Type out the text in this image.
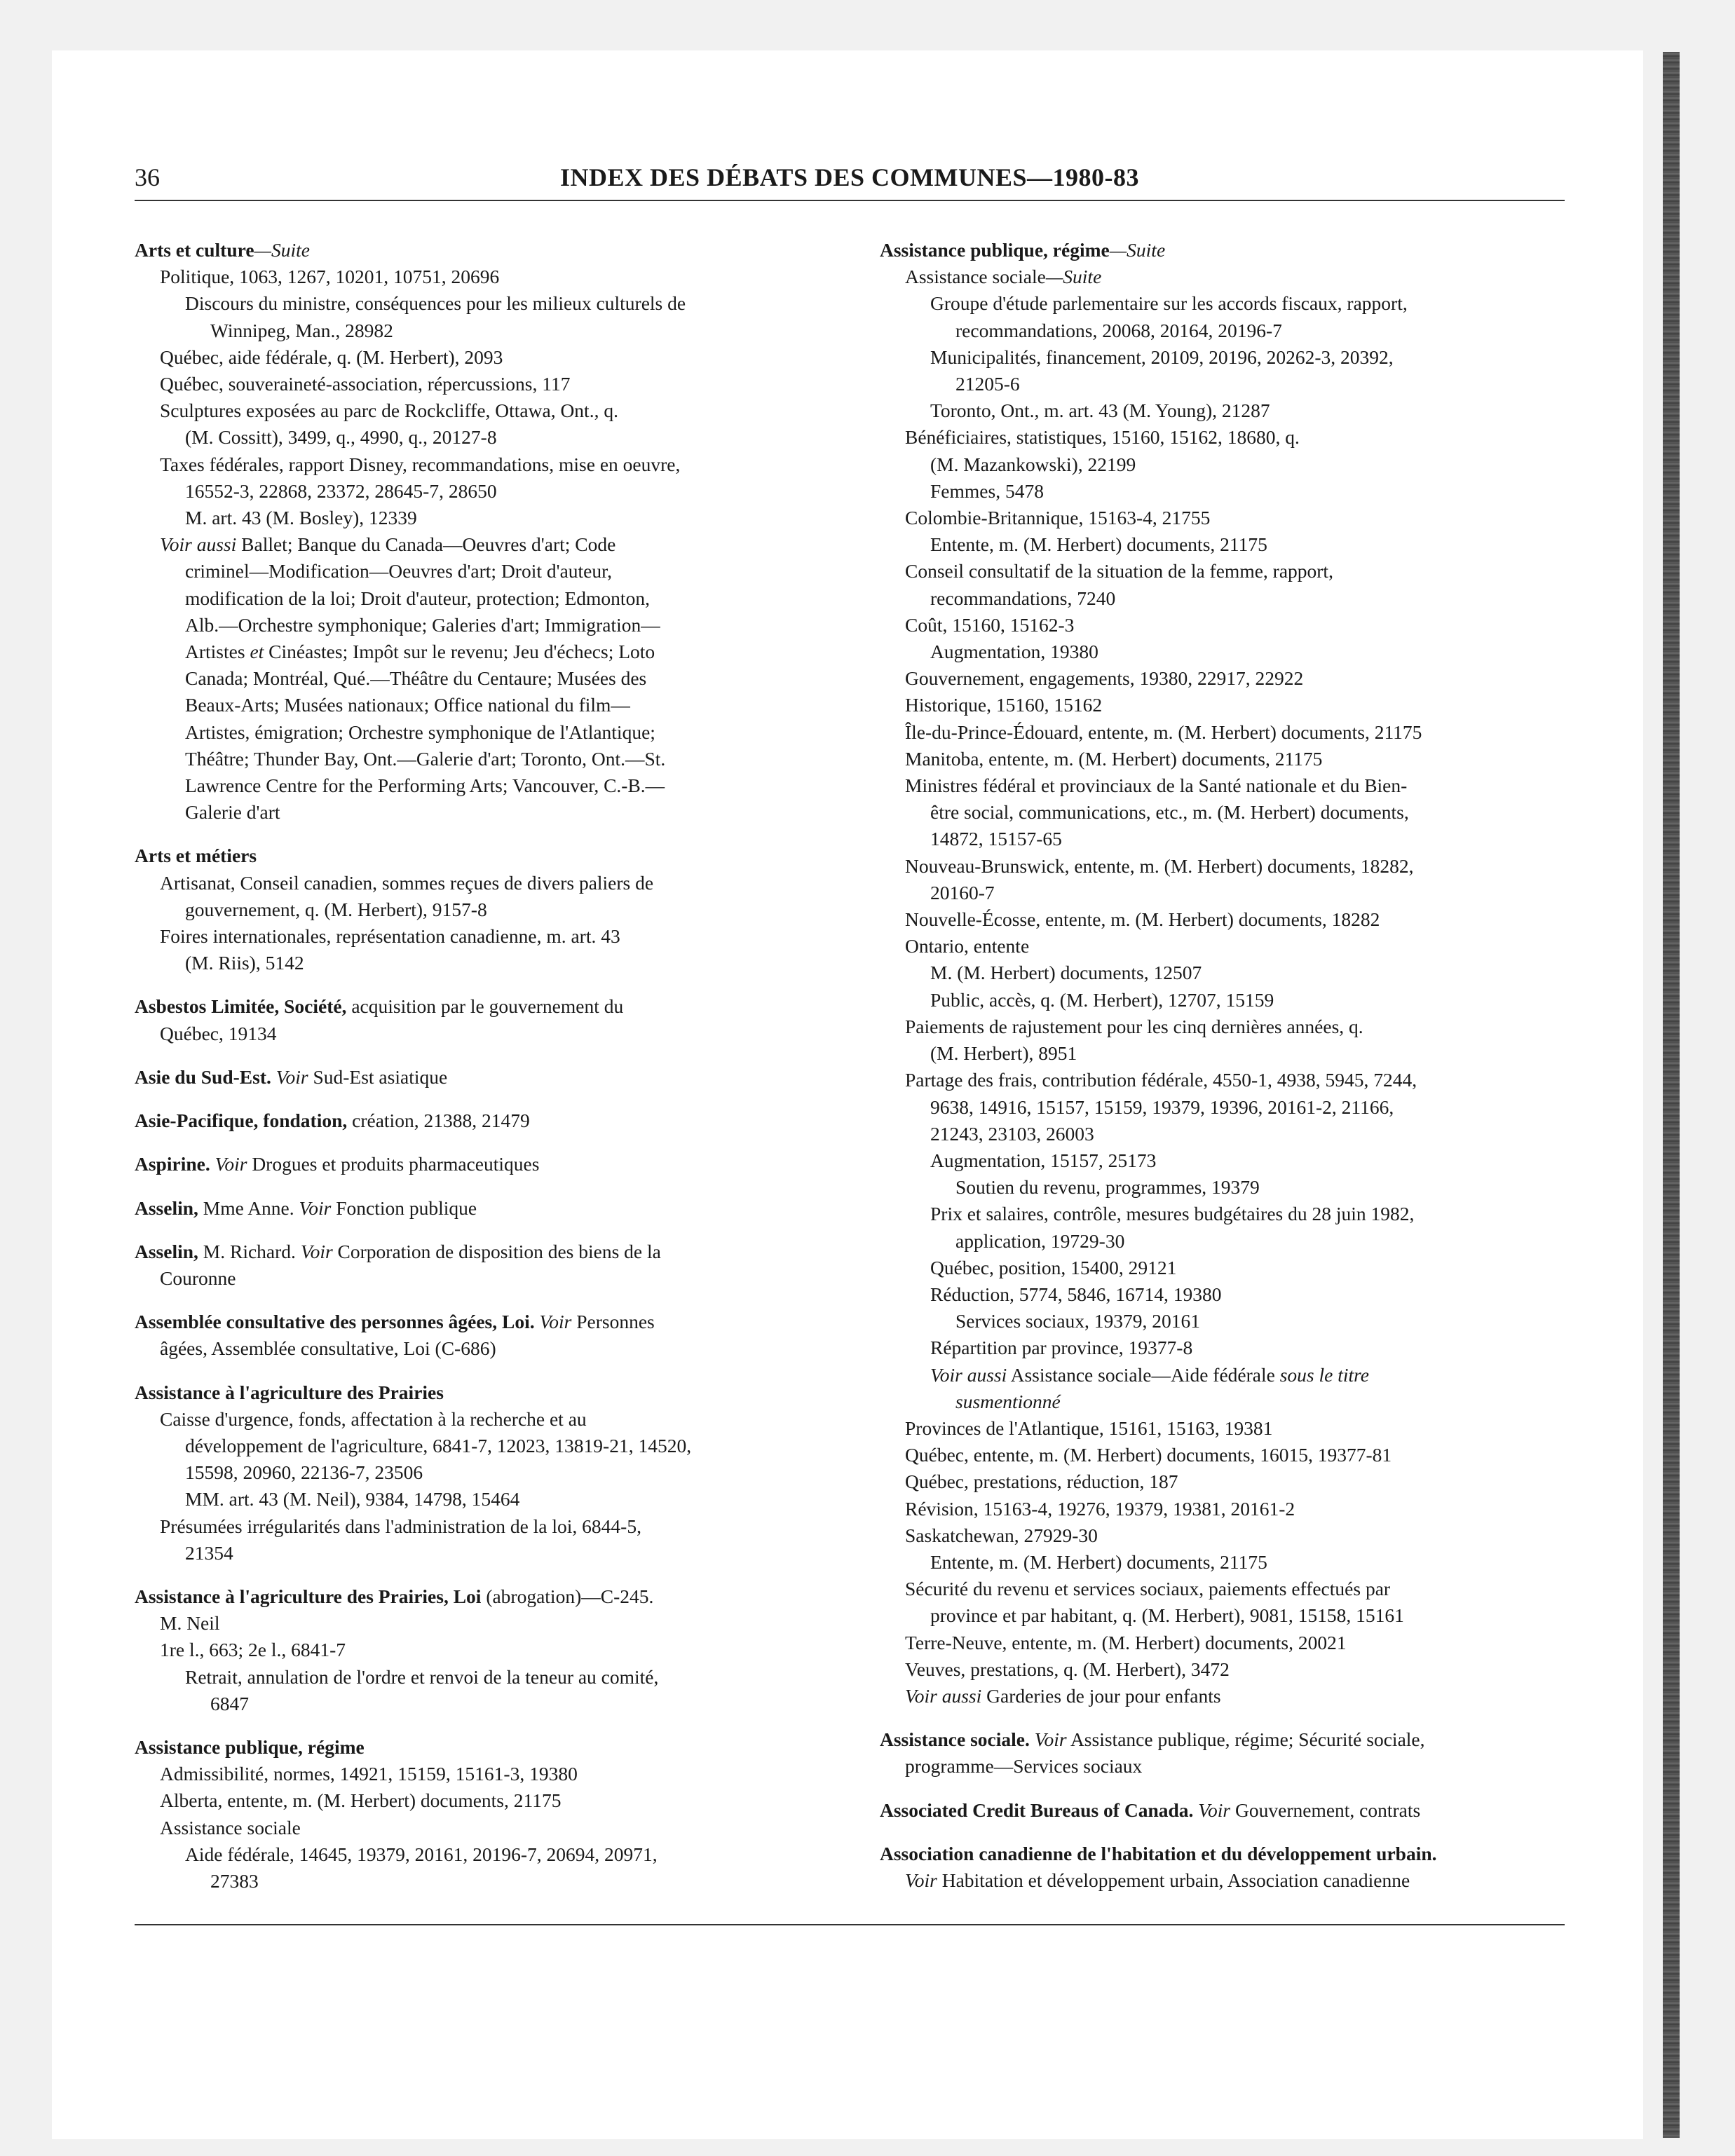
36	INDEX DES DÉBATS DES COMMUNES—1980-83
Arts et culture—Suite
Politique, 1063, 1267, 10201, 10751, 20696
Discours du ministre, conséquences pour les milieux culturels de
Winnipeg, Man., 28982
Québec, aide fédérale, q. (M. Herbert), 2093
Québec, souveraineté-association, répercussions, 117
Sculptures exposées au parc de Rockcliffe, Ottawa, Ont., q.
(M. Cossitt), 3499, q., 4990, q., 20127-8
Taxes fédérales, rapport Disney, recommandations, mise en oeuvre,
16552-3, 22868, 23372, 28645-7, 28650
M. art. 43 (M. Bosley), 12339
Voir aussi Ballet; Banque du Canada—Oeuvres d'art; Code
criminel—Modification—Oeuvres d'art; Droit d'auteur,
modification de la loi; Droit d'auteur, protection; Edmonton,
Alb.—Orchestre symphonique; Galeries d'art; Immigration—
Artistes et Cinéastes; Impôt sur le revenu; Jeu d'échecs; Loto
Canada; Montréal, Qué.—Théâtre du Centaure; Musées des
Beaux-Arts; Musées nationaux; Office national du film—
Artistes, émigration; Orchestre symphonique de l'Atlantique;
Théâtre; Thunder Bay, Ont.—Galerie d'art; Toronto, Ont.—St.
Lawrence Centre for the Performing Arts; Vancouver, C.-B.—
Galerie d'art
Arts et métiers
Artisanat, Conseil canadien, sommes reçues de divers paliers de
gouvernement, q. (M. Herbert), 9157-8
Foires internationales, représentation canadienne, m. art. 43
(M. Riis), 5142
Asbestos Limitée, Société, acquisition par le gouvernement du
Québec, 19134
Asie du Sud-Est. Voir Sud-Est asiatique
Asie-Pacifique, fondation, création, 21388, 21479
Aspirine. Voir Drogues et produits pharmaceutiques
Asselin, Mme Anne. Voir Fonction publique
Asselin, M. Richard. Voir Corporation de disposition des biens de la
Couronne
Assemblée consultative des personnes âgées, Loi. Voir Personnes
âgées, Assemblée consultative, Loi (C-686)
Assistance à l'agriculture des Prairies
Caisse d'urgence, fonds, affectation à la recherche et au
développement de l'agriculture, 6841-7, 12023, 13819-21, 14520,
15598, 20960, 22136-7, 23506
MM. art. 43 (M. Neil), 9384, 14798, 15464
Présumées irrégularités dans l'administration de la loi, 6844-5,
21354
Assistance à l'agriculture des Prairies, Loi (abrogation)—C-245.
M. Neil
1re l., 663; 2e l., 6841-7
Retrait, annulation de l'ordre et renvoi de la teneur au comité,
6847
Assistance publique, régime
Admissibilité, normes, 14921, 15159, 15161-3, 19380
Alberta, entente, m. (M. Herbert) documents, 21175
Assistance sociale
Aide fédérale, 14645, 19379, 20161, 20196-7, 20694, 20971,
27383
Assistance publique, régime—Suite
Assistance sociale—Suite
Groupe d'étude parlementaire sur les accords fiscaux, rapport,
recommandations, 20068, 20164, 20196-7
Municipalités, financement, 20109, 20196, 20262-3, 20392,
21205-6
Toronto, Ont., m. art. 43 (M. Young), 21287
Bénéficiaires, statistiques, 15160, 15162, 18680, q.
(M. Mazankowski), 22199
Femmes, 5478
Colombie-Britannique, 15163-4, 21755
Entente, m. (M. Herbert) documents, 21175
Conseil consultatif de la situation de la femme, rapport,
recommandations, 7240
Coût, 15160, 15162-3
Augmentation, 19380
Gouvernement, engagements, 19380, 22917, 22922
Historique, 15160, 15162
Île-du-Prince-Édouard, entente, m. (M. Herbert) documents, 21175
Manitoba, entente, m. (M. Herbert) documents, 21175
Ministres fédéral et provinciaux de la Santé nationale et du Bien-
être social, communications, etc., m. (M. Herbert) documents,
14872, 15157-65
Nouveau-Brunswick, entente, m. (M. Herbert) documents, 18282,
20160-7
Nouvelle-Écosse, entente, m. (M. Herbert) documents, 18282
Ontario, entente
M. (M. Herbert) documents, 12507
Public, accès, q. (M. Herbert), 12707, 15159
Paiements de rajustement pour les cinq dernières années, q.
(M. Herbert), 8951
Partage des frais, contribution fédérale, 4550-1, 4938, 5945, 7244,
9638, 14916, 15157, 15159, 19379, 19396, 20161-2, 21166,
21243, 23103, 26003
Augmentation, 15157, 25173
Soutien du revenu, programmes, 19379
Prix et salaires, contrôle, mesures budgétaires du 28 juin 1982,
application, 19729-30
Québec, position, 15400, 29121
Réduction, 5774, 5846, 16714, 19380
Services sociaux, 19379, 20161
Répartition par province, 19377-8
Voir aussi Assistance sociale—Aide fédérale sous le titre
susmentionné
Provinces de l'Atlantique, 15161, 15163, 19381
Québec, entente, m. (M. Herbert) documents, 16015, 19377-81
Québec, prestations, réduction, 187
Révision, 15163-4, 19276, 19379, 19381, 20161-2
Saskatchewan, 27929-30
Entente, m. (M. Herbert) documents, 21175
Sécurité du revenu et services sociaux, paiements effectués par
province et par habitant, q. (M. Herbert), 9081, 15158, 15161
Terre-Neuve, entente, m. (M. Herbert) documents, 20021
Veuves, prestations, q. (M. Herbert), 3472
Voir aussi Garderies de jour pour enfants
Assistance sociale. Voir Assistance publique, régime; Sécurité sociale,
programme—Services sociaux
Associated Credit Bureaus of Canada. Voir Gouvernement, contrats
Association canadienne de l'habitation et du développement urbain.
Voir Habitation et développement urbain, Association canadienne
